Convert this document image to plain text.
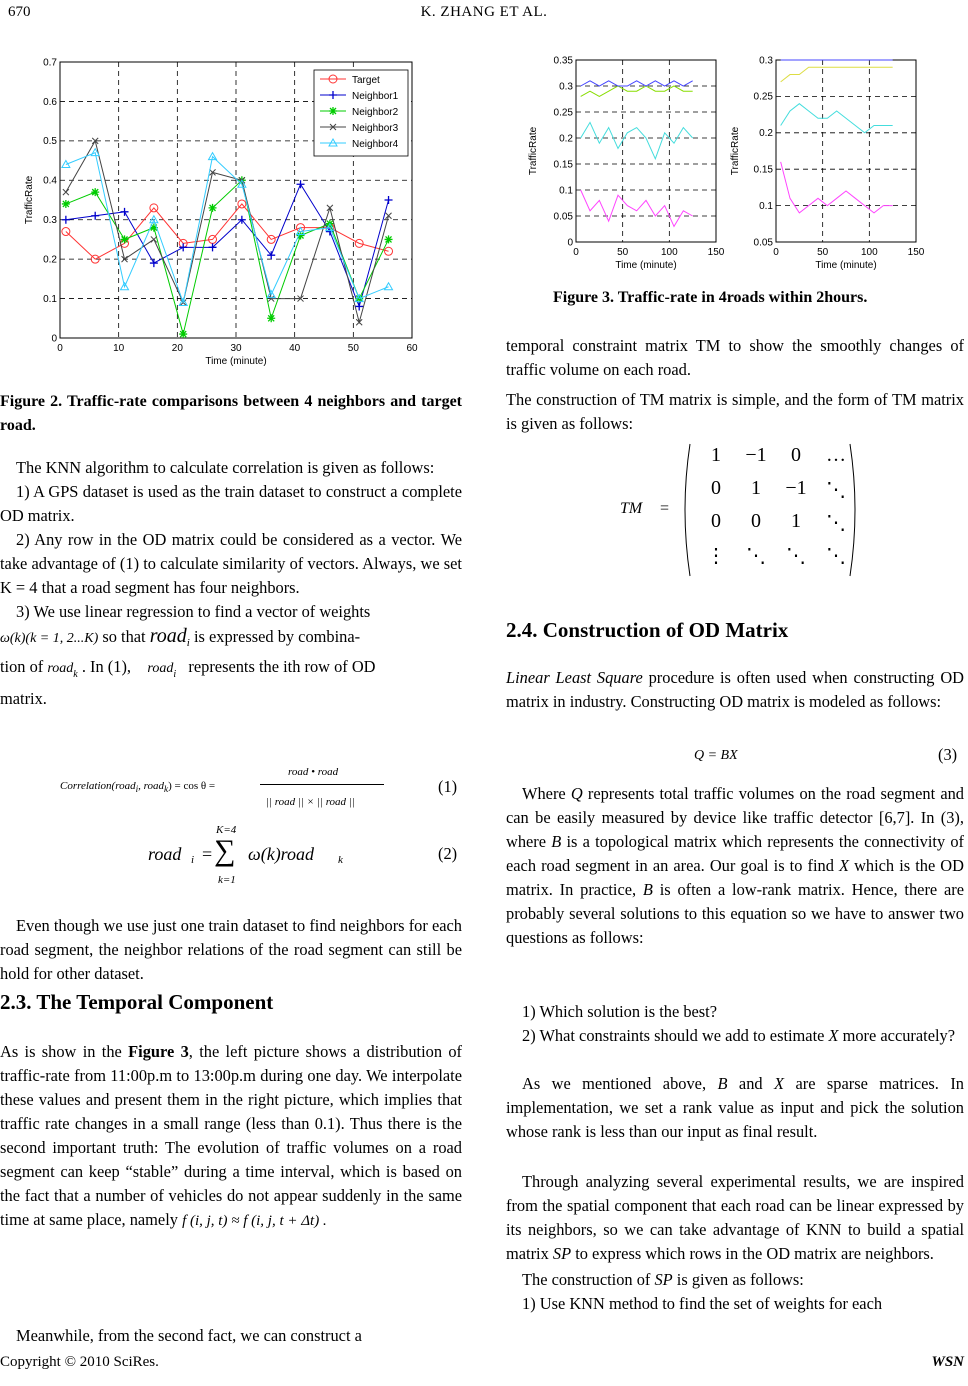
670	K. ZHANG ET AL.
0	10	20	30	40	50	60
0
0.1
0.2
0.3
0.4
0.5
0.6
0.7
Time (minute)
TrafficRate
Target
Neighbor1
Neighbor2
Neighbor3
Neighbor4
Figure 2. Traffic-rate comparisons between 4 neighbors and target road.
0	50	100	150
0
0.05
0.1
0.15
0.2
0.25
0.3
0.35
Time (minute)
TrafficRate
0	50	100	150
0.05
0.1
0.15
0.2
0.25
0.3
Time (minute)
TrafficRate
Figure 3. Traffic-rate in 4roads within 2hours.

The KNN algorithm to calculate correlation is given as follows:

1) A GPS dataset is used as the train dataset to construct a complete OD matrix.

2) Any row in the OD matrix could be considered as a vector. We take advantage of (1) to calculate similarity of vectors. Always, we set K = 4 that a road segment has four neighbors.

3) We use linear regression to find a vector of weights

ω(k)(k = 1, 2...K) so that road$_i$ is expressed by combina-

tion of road$_k$ . In (1), road$_i$ represents the ith row of OD

matrix.

Correlation(road$_i$, road$_k$) = cos θ =
road • road
|| road || × || road ||
(1)
road i =
K=4
∑
k=1
ω(k)road k	(2)
Even though we use just one train dataset to find neighbors for each road segment, the neighbor relations of the road segment can still be hold for other dataset.
2.3. The Temporal Component
As is show in the Figure 3, the left picture shows a distribution of traffic-rate from 11:00p.m to 13:00p.m during one day. We interpolate these values and present them in the right picture, which implies that traffic rate changes in a small range (less than 0.1). Thus there is the second important truth: The evolution of traffic volumes on a road segment can keep “stable” during a time interval, which is based on the fact that a number of vehicles do not appear suddenly in the same time at same place, namely f (i, j, t) ≈ f (i, j, t + Δt) .
Meanwhile, from the second fact, we can construct a
temporal constraint matrix TM to show the smoothly changes of traffic volume on each road.
The construction of TM matrix is simple, and the form of TM matrix is given as follows:
TM =
1	−1	0	…
0	1	−1 ⋱
0	0	1	⋱
⋮	⋱	⋱	⋱
2.4. Construction of OD Matrix
Linear Least Square procedure is often used when constructing OD matrix in industry. Constructing OD matrix is modeled as follows:
Q = BX	(3)
Where Q represents total traffic volumes on the road segment and can be easily measured by device like traffic detector [6,7]. In (3), where B is a topological matrix which represents the connectivity of each road segment in an area. Our goal is to find X which is the OD matrix. In practice, B is often a low-rank matrix. Hence, there are probably several solutions to this equation so we have to answer two questions as follows:
1) Which solution is the best?
2) What constraints should we add to estimate X more accurately?
As we mentioned above, B and X are sparse matrices. In implementation, we set a rank value as input and pick the solution whose rank is less than our input as final result.
Through analyzing several experimental results, we are inspired from the spatial component that each road can be linear expressed by its neighbors, so we can take advantage of KNN to build a spatial matrix SP to express which rows in the OD matrix are neighbors.
The construction of SP is given as follows:
1) Use KNN method to find the set of weights for each
Copyright © 2010 SciRes.	WSN
